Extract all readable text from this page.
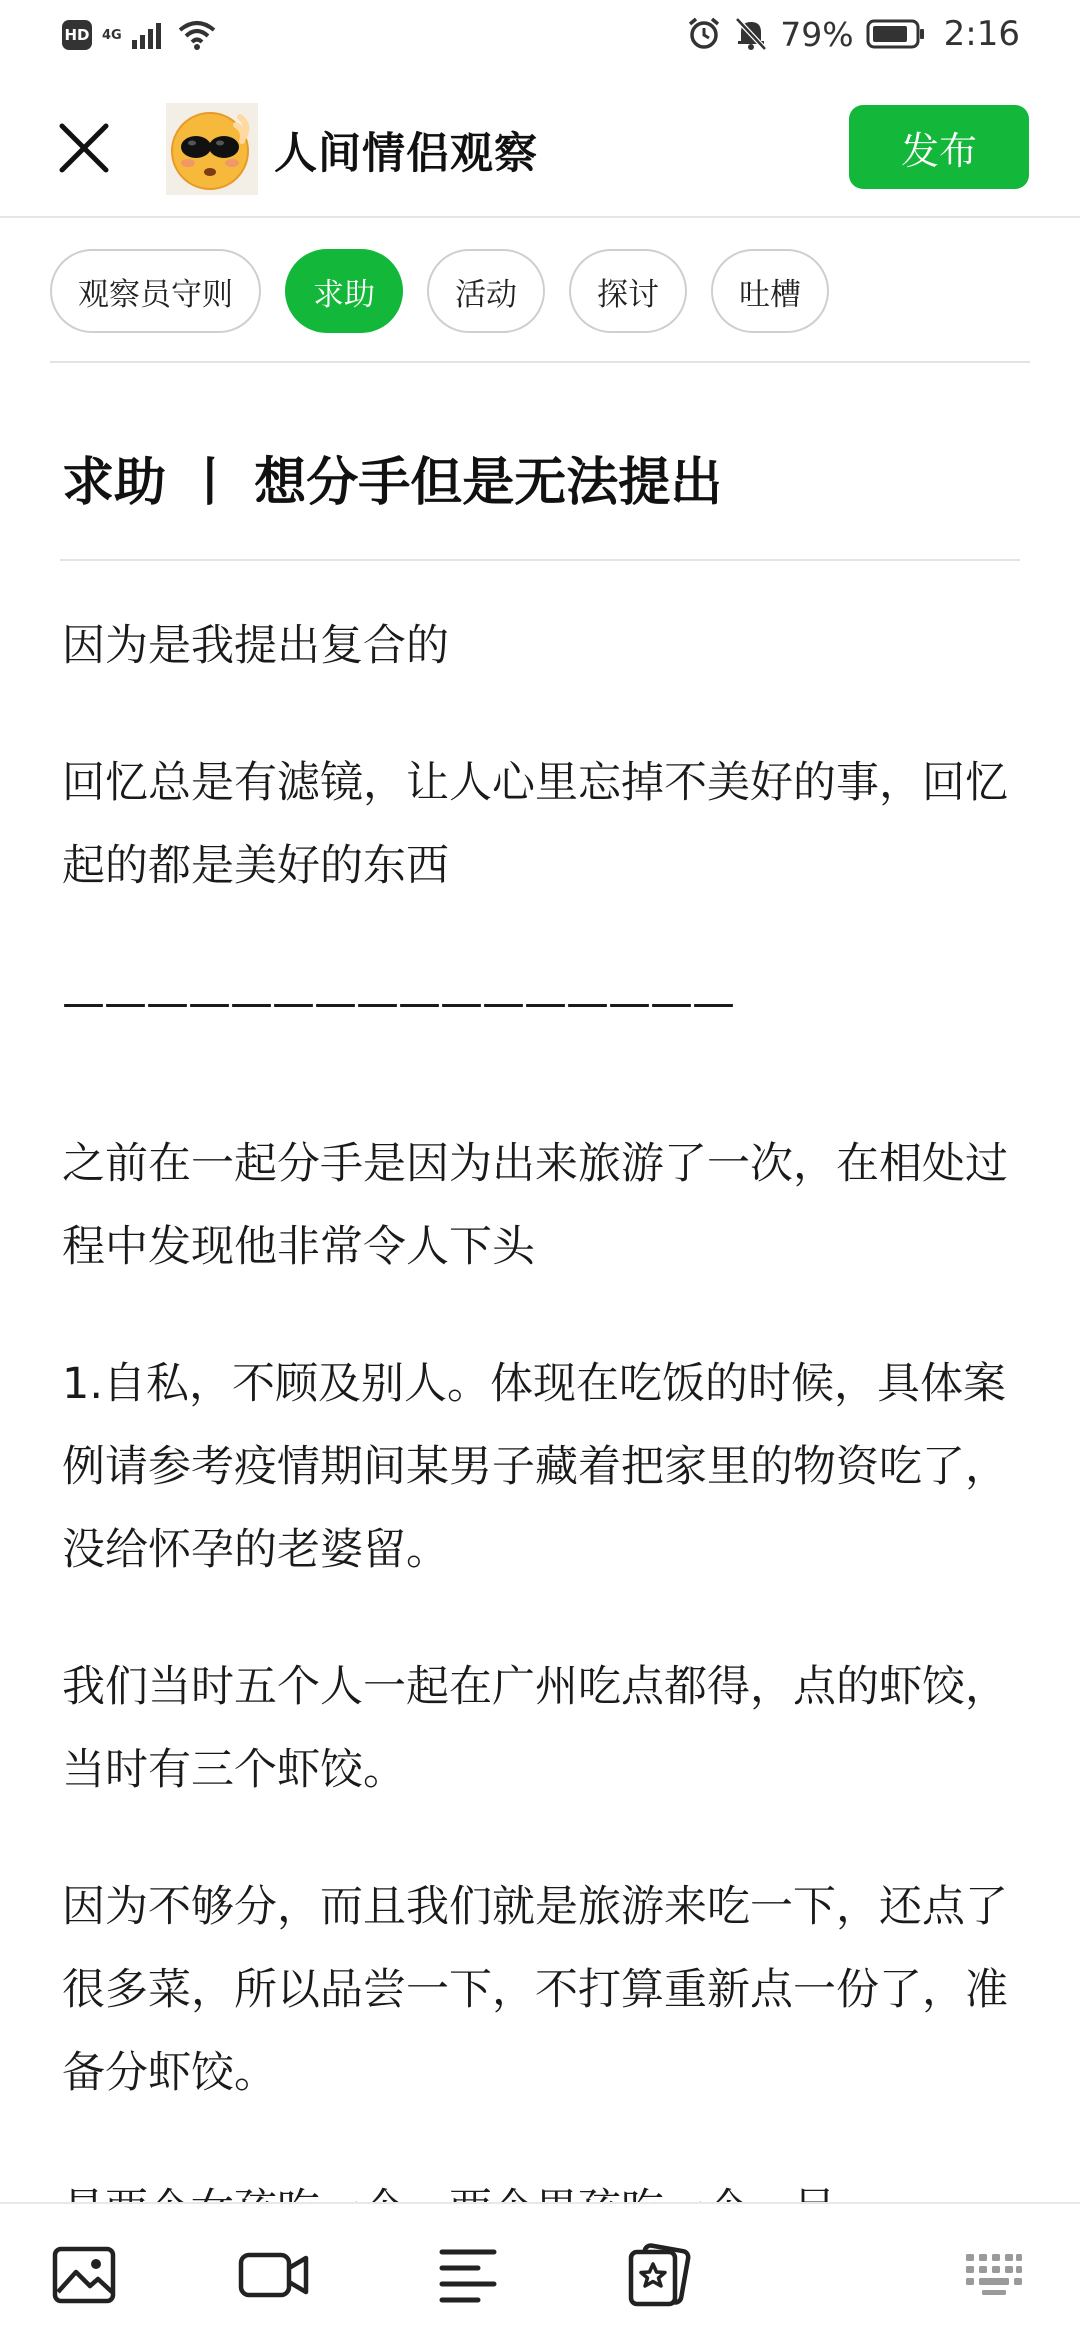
HD 4G	79%	2:16
人间情侣观察	发布
观察员守则	求助	活动	探讨	吐槽
求助 丨 想分手但是无法提出

因为是我提出复合的

回忆总是有滤镜，让人心里忘掉不美好的事，回忆起的都是美好的东西

————————————————

之前在一起分手是因为出来旅游了一次，在相处过程中发现他非常令人下头

1.自私，不顾及别人。体现在吃饭的时候，具体案例请参考疫情期间某男子藏着把家里的物资吃了，没给怀孕的老婆留。

我们当时五个人一起在广州吃点都得，点的虾饺，当时有三个虾饺。

因为不够分，而且我们就是旅游来吃一下，还点了很多菜，所以品尝一下，不打算重新点一份了，准备分虾饺。
